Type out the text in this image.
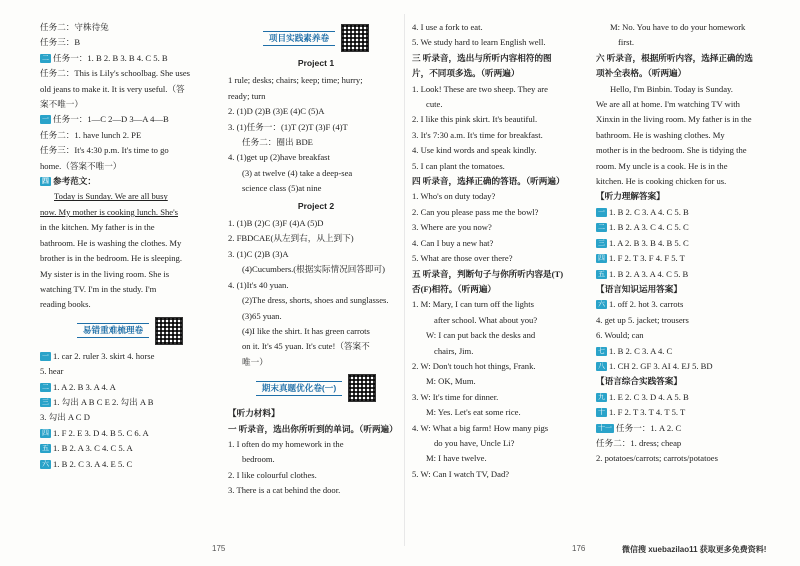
任务二：守株待兔
任务三：B
二 任务一：1. B 2. B 3. B 4. C 5. B
任务二：This is Lily's schoolbag. She uses
old jeans to make it. It is very useful.（答
案不唯一）
一 任务一：1—C 2—D 3—A 4—B
任务二：1. have lunch 2. PE
任务三：It's 4:30 p.m. It's time to go
home.（答案不唯一）
四 参考范文：
Today is Sunday. We are all busy
now. My mother is cooking lunch. She's
in the kitchen. My father is in the
bathroom. He is washing the clothes. My
brother is in the bedroom. He is sleeping.
My sister is in the living room. She is
watching TV. I'm in the study. I'm
reading books.
易错重难梳理卷
一 1. car 2. ruler 3. skirt 4. horse
5. hear
二 1. A 2. B 3. A 4. A
三 1. 勾出 A B C E 2. 勾出 A B
3. 勾出 A C D
四 1. F 2. E 3. D 4. B 5. C 6. A
五 1. B 2. A 3. C 4. C 5. A
六 1. B 2. C 3. A 4. E 5. C
项目实践素养卷
Project 1
1 rule; desks; chairs; keep; time; hurry;
ready; turn
2. (1)D (2)B (3)E (4)C (5)A
3. (1)任务一：(1)T (2)T (3)F (4)T
任务二：圈出 BDE
4. (1)get up (2)have breakfast
(3) at twelve (4) take a deep-sea
science class (5)at nine
Project 2
1. (1)B (2)C (3)F (4)A (5)D
2. FBDCAE(从左到右，从上到下)
3. (1)C (2)B (3)A
(4)Cucumbers.(根据实际情况回答即可)
4. (1)It's 40 yuan.
(2)The dress, shorts, shoes and sunglasses.
(3)65 yuan.
(4)I like the shirt. It has green carrots
on it. It's 45 yuan. It's cute!（答案不
唯一）
期末真题优化卷(一)
【听力材料】
一 听录音，选出你所听到的单词。（听两遍）
1. I often do my homework in the
bedroom.
2. I like colourful clothes.
3. There is a cat behind the door.
4. I use a fork to eat.
5. We study hard to learn English well.
三 听录音，选出与所听内容相符的图
片，不同项多选。（听两遍）
1. Look! These are two sheep. They are
cute.
2. I like this pink skirt. It's beautiful.
3. It's 7:30 a.m. It's time for breakfast.
4. Use kind words and speak kindly.
5. I can plant the tomatoes.
四 听录音，选择正确的答语。（听两遍）
1. Who's on duty today?
2. Can you please pass me the bowl?
3. Where are you now?
4. Can I buy a new hat?
5. What are those over there?
五 听录音，判断句子与你所听内容是(T)
否(F)相符。（听两遍）
1. M: Mary, I can turn off the lights
after school. What about you?
W: I can put back the desks and
chairs, Jim.
2. W: Don't touch hot things, Frank.
M: OK, Mum.
3. W: It's time for dinner.
M: Yes. Let's eat some rice.
4. W: What a big farm! How many pigs
do you have, Uncle Li?
M: I have twelve.
5. W: Can I watch TV, Dad?
M: No. You have to do your homework
first.
六 听录音，根据所听内容，选择正确的选
项补全表格。（听两遍）
Hello, I'm Binbin. Today is Sunday.
We are all at home. I'm watching TV with
Xinxin in the living room. My father is in the
bathroom. He is washing clothes. My
mother is in the bedroom. She is tidying the
room. My uncle is a cook. He is in the
kitchen. He is cooking chicken for us.
【听力理解答案】
一 1. B 2. C 3. A 4. C 5. B
二 1. B 2. A 3. C 4. C 5. C
三 1. A 2. B 3. B 4. B 5. C
四 1. F 2. T 3. F 4. F 5. T
五 1. B 2. A 3. A 4. C 5. B
【语言知识运用答案】
六 1. off 2. hot 3. carrots
4. get up 5. jacket; trousers
6. Would; can
七 1. B 2. C 3. A 4. C
八 1. CH 2. GF 3. AI 4. EJ 5. BD
【语言综合实践答案】
九 1. E 2. C 3. D 4. A 5. B
十 1. F 2. T 3. T 4. T 5. T
十一 任务一：1. A 2. C
任务二：1. dress; cheap
2. potatoes/carrots; carrots/potatoes
175	176	微信搜 xuebazilao11 获取更多免费资料!
